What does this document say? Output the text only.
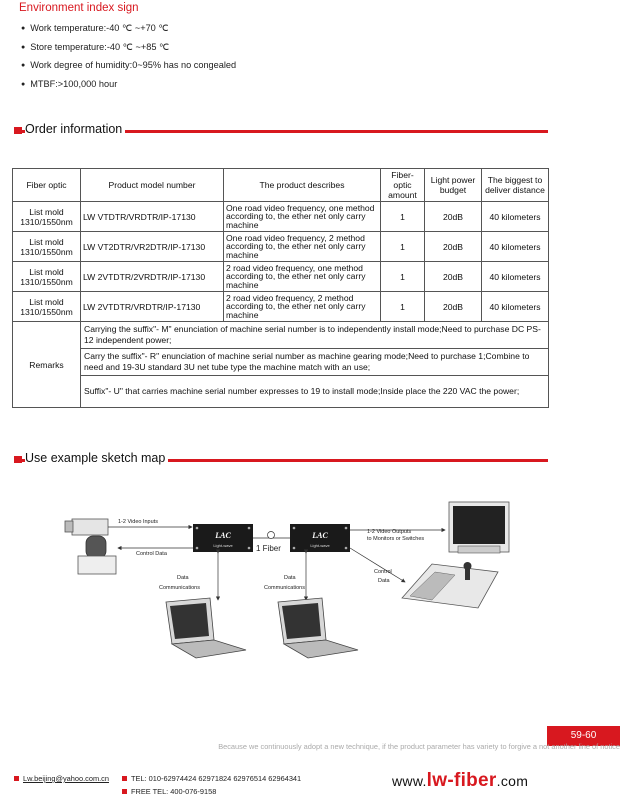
Environment index sign
● Work temperature:-40 ℃ ~+70 ℃
● Store temperature:-40 ℃ ~+85 ℃
● Work degree of humidity:0~95% has no congealed
● MTBF:>100,000 hour
Order information
Fiber optic	Product model number	The product describes	Fiber-optic amount	Light power budget	The biggest to deliver distance
List mold 1310/1550nm	LW VTDTR/VRDTR/IP-17130	One road video frequency, one method according to, the ether net only carry machine	1	20dB	40 kilometers
List mold 1310/1550nm	LW VT2DTR/VR2DTR/IP-17130	One road video frequency, 2 method according to, the ether net only carry machine	1	20dB	40 kilometers
List mold 1310/1550nm	LW 2VTDTR/2VRDTR/IP-17130	2 road video frequency, one method according to, the ether net only carry machine	1	20dB	40 kilometers
List mold 1310/1550nm	LW 2VTDTR/VRDTR/IP-17130	2 road video frequency, 2 method according to, the ether net only carry machine	1	20dB	40 kilometers
Remarks	Carrying the suffix"- M" enunciation of machine serial number is to independently install mode;Need to purchase DC PS-12 independent power;				
	Carry the suffix"- R" enunciation of machine serial number as machine gearing mode;Need to purchase 1;Combine to need and 19-3U standard 3U net tube type the machine match with an use;				
	Suffix"- U" that carries machine serial number expresses to 19 to install mode;Inside place the 220 VAC the power;				
Use example sketch map
LAC
Light-wave
LAC
Light-wave
1-2 Video Inputs
Control Data
1 Fiber
1-2 Video Outputs
to Monitors or Switches
Control
Data
Data
Communications
Data
Communications
59-60
Because we continuously adopt a new technique, if the product parameter has variety to forgive a not another line of notice
Lw.beijing@yahoo.com.cn	TEL: 010-62974424 62971824 62976514 62964341
FREE TEL: 400-076-9158
www.lw-fiber.com
